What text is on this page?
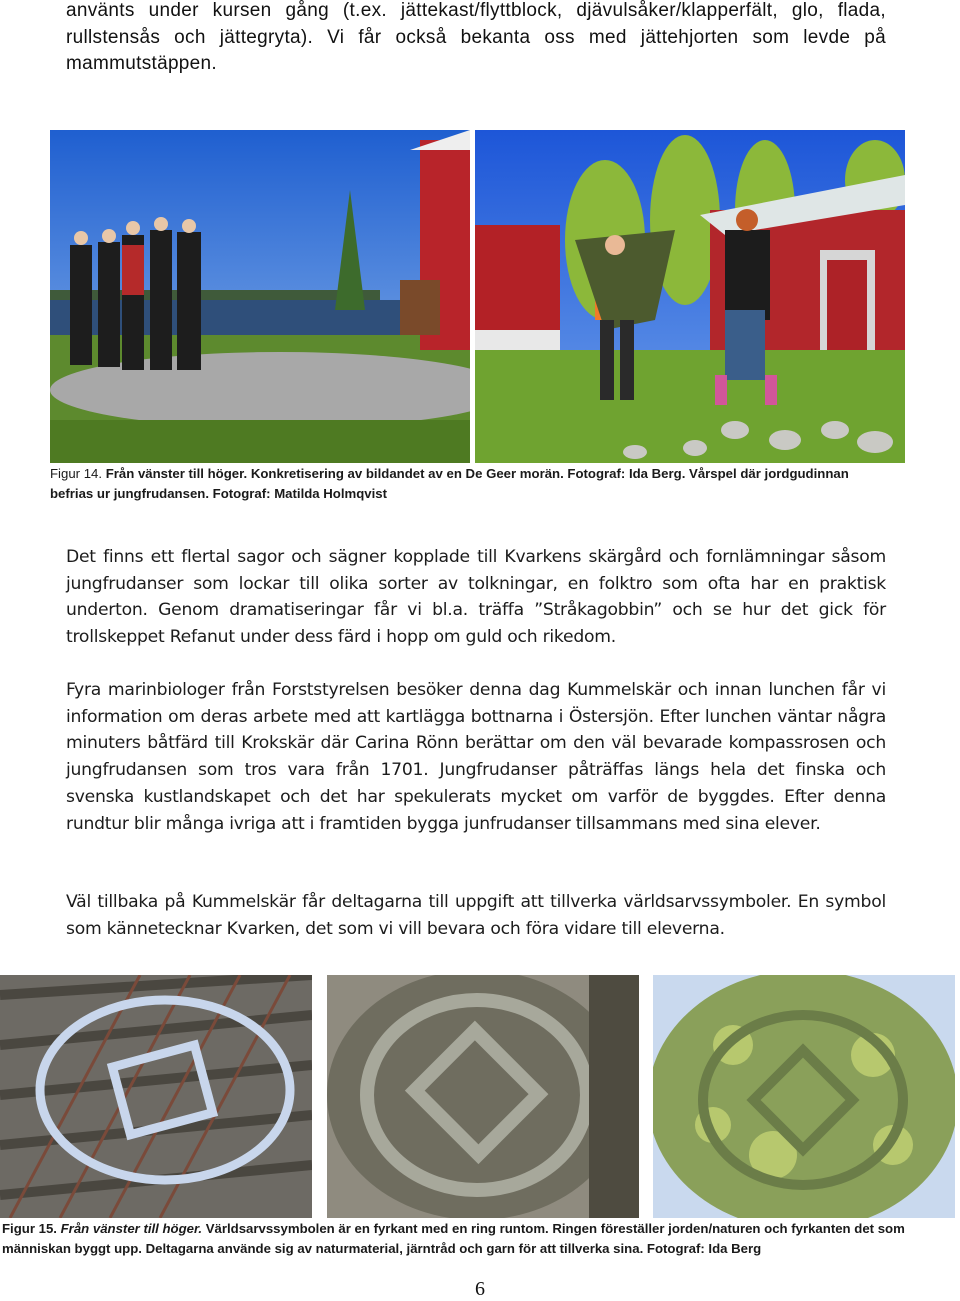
använts under kursen gång (t.ex. jättekast/flyttblock, djävulsåker/klapperfält, glo, flada, rullstensås och jättegryta). Vi får också bekanta oss med jättehjorten som levde på mammutstäppen.

Figur 14. Från vänster till höger. Konkretisering av bildandet av en De Geer morän. Fotograf: Ida Berg. Vårspel där jordgudinnan befrias ur jungfrudansen. Fotograf: Matilda Holmqvist

Det finns ett flertal sagor och sägner kopplade till Kvarkens skärgård och fornlämningar såsom jungfrudanser som lockar till olika sorter av tolkningar, en folktro som ofta har en praktisk underton. Genom dramatiseringar får vi bl.a. träffa ”Stråkagobbin” och se hur det gick för trollskeppet Refanut under dess färd i hopp om guld och rikedom.

Fyra marinbiologer från Forststyrelsen besöker denna dag Kummelskär och innan lunchen får vi information om deras arbete med att kartlägga bottnarna i Östersjön. Efter lunchen väntar några minuters båtfärd till Krokskär där Carina Rönn berättar om den väl bevarade kompassrosen och jungfrudansen som tros vara från 1701. Jungfrudanser påträffas längs hela det finska och svenska kustlandskapet och det har spekulerats mycket om varför de byggdes. Efter denna rundtur blir många ivriga att i framtiden bygga junfrudanser tillsammans med sina elever.

Väl tillbaka på Kummelskär får deltagarna till uppgift att tillverka världsarvssymboler. En symbol som kännetecknar Kvarken, det som vi vill bevara och föra vidare till eleverna.

Figur 15. Från vänster till höger. Världsarvssymbolen är en fyrkant med en ring runtom. Ringen föreställer jorden/naturen och fyrkanten det som människan byggt upp. Deltagarna använde sig av naturmaterial, järntråd och garn för att tillverka sina. Fotograf: Ida Berg

6
